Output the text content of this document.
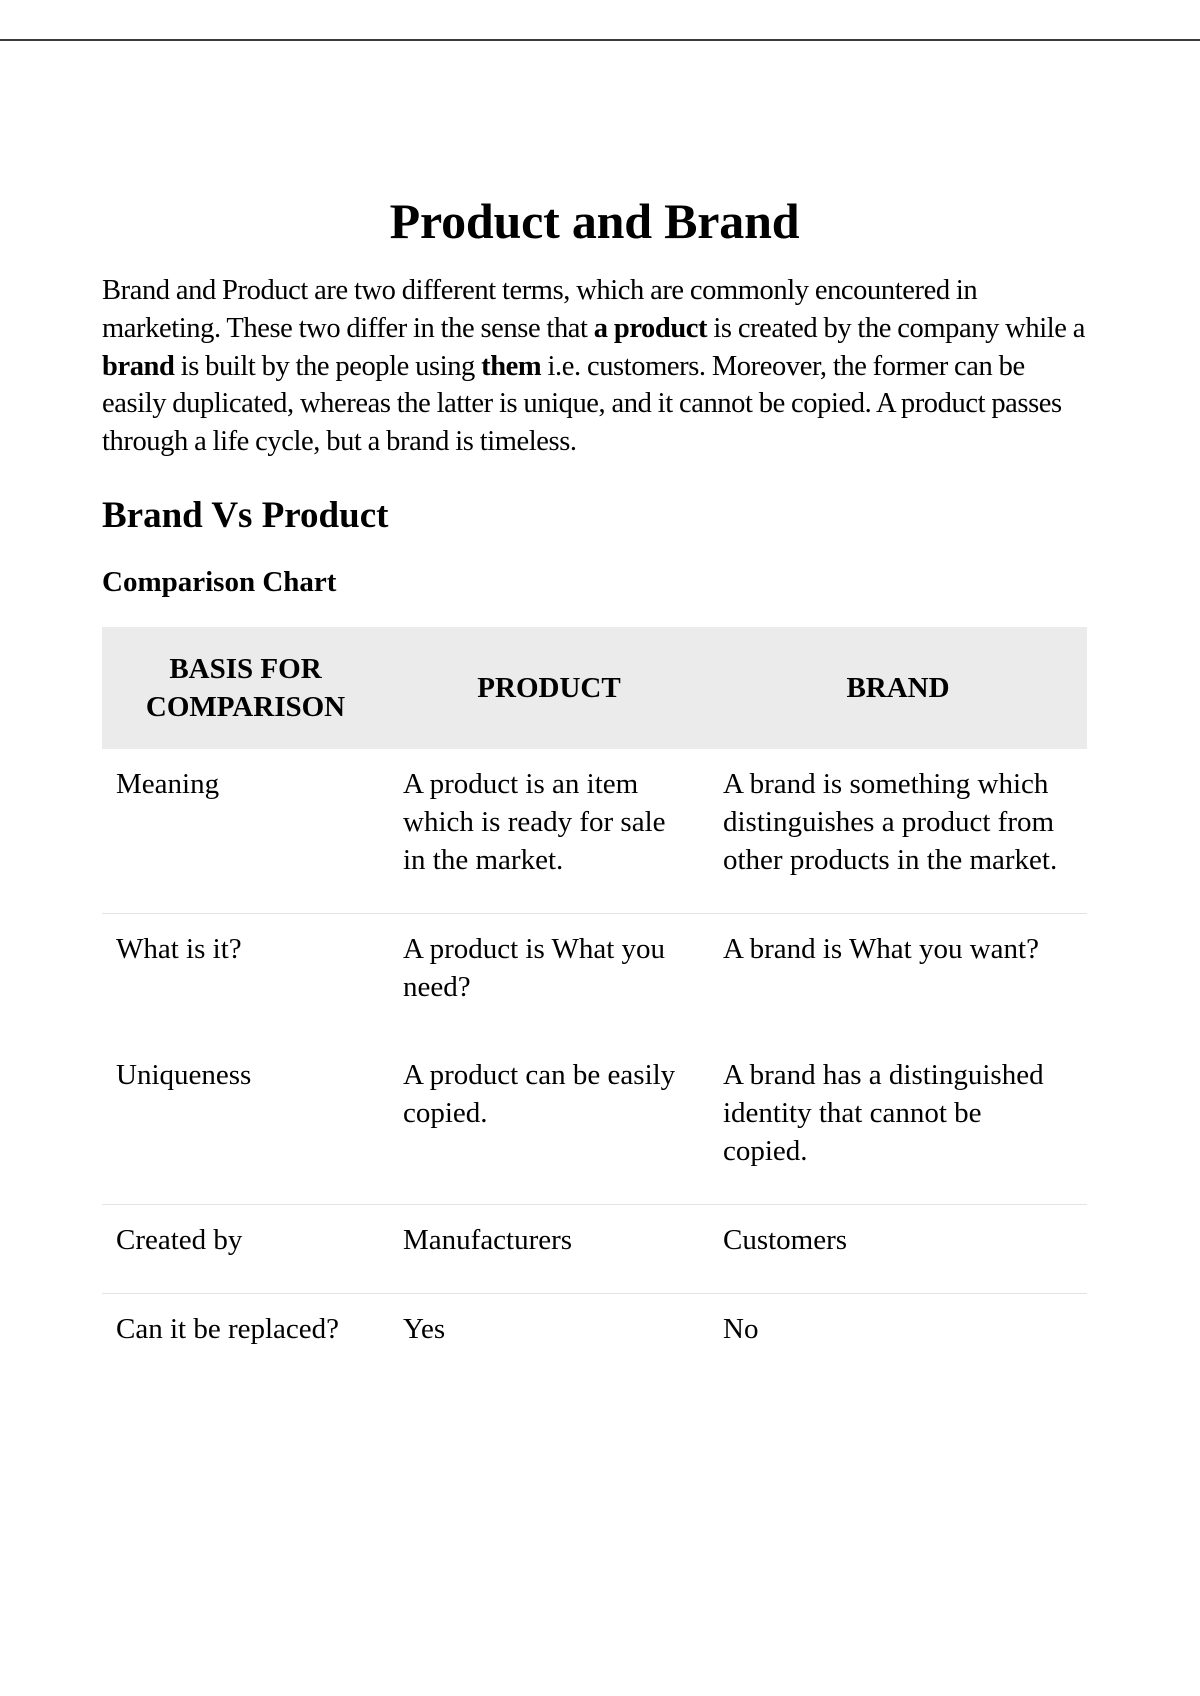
Product and Brand

Brand and Product are two different terms, which are commonly encountered in marketing. These two differ in the sense that a product is created by the company while a brand is built by the people using them i.e. customers. Moreover, the former can be easily duplicated, whereas the latter is unique, and it cannot be copied. A product passes through a life cycle, but a brand is timeless.

Brand Vs Product
Comparison Chart
BASIS FOR COMPARISON	PRODUCT	BRAND
Meaning	A product is an item which is ready for sale in the market.	A brand is something which distinguishes a product from other products in the market.
What is it?	A product is What you need?	A brand is What you want?
Uniqueness	A product can be easily copied.	A brand has a distinguished identity that cannot be copied.
Created by	Manufacturers	Customers
Can it be replaced?	Yes	No
